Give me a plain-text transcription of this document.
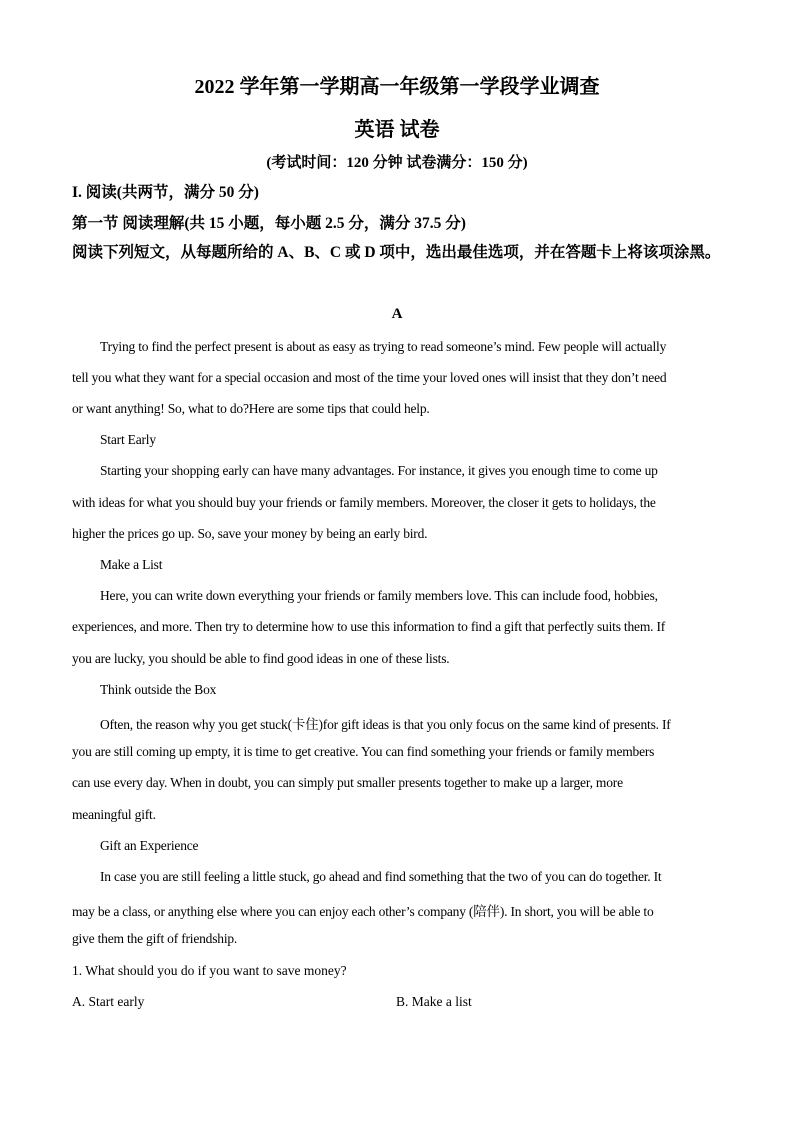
2022 学年第一学期高一年级第一学段学业调查
英语 试卷
(考试时间：120 分钟 试卷满分：150 分)
I. 阅读(共两节，满分 50 分)
第一节 阅读理解(共 15 小题，每小题 2.5 分，满分 37.5 分)
阅读下列短文，从每题所给的 A、B、C 或 D 项中，选出最佳选项，并在答题卡上将该项涂黑。
A
Trying to find the perfect present is about as easy as trying to read someone’s mind. Few people will actually
tell you what they want for a special occasion and most of the time your loved ones will insist that they don’t need
or want anything! So, what to do?Here are some tips that could help.
Start Early
Starting your shopping early can have many advantages. For instance, it gives you enough time to come up
with ideas for what you should buy your friends or family members. Moreover, the closer it gets to holidays, the
higher the prices go up. So, save your money by being an early bird.
Make a List
Here, you can write down everything your friends or family members love. This can include food, hobbies,
experiences, and more. Then try to determine how to use this information to find a gift that perfectly suits them. If
you are lucky, you should be able to find good ideas in one of these lists.
Think outside the Box
Often, the reason why you get stuck(卡住)for gift ideas is that you only focus on the same kind of presents. If
you are still coming up empty, it is time to get creative. You can find something your friends or family members
can use every day. When in doubt, you can simply put smaller presents together to make up a larger, more
meaningful gift.
Gift an Experience
In case you are still feeling a little stuck, go ahead and find something that the two of you can do together. It
may be a class, or anything else where you can enjoy each other’s company (陪伴). In short, you will be able to
give them the gift of friendship.
1. What should you do if you want to save money?
A. Start early	B. Make a list
